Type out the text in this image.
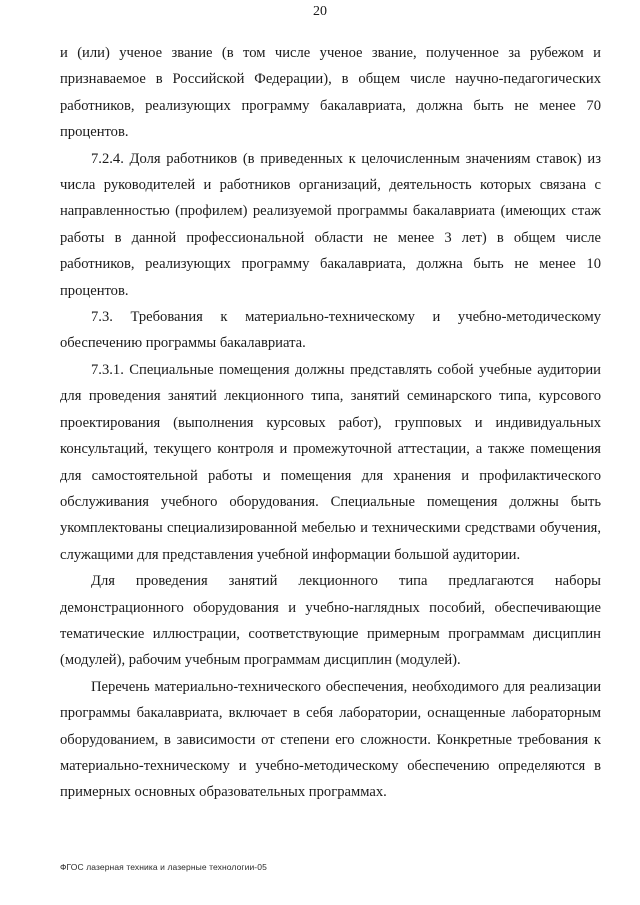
20

и (или) ученое звание (в том числе ученое звание, полученное за рубежом и признаваемое в Российской Федерации), в общем числе научно-педагогических работников, реализующих программу бакалавриата, должна быть не менее 70 процентов.

7.2.4. Доля работников (в приведенных к целочисленным значениям ставок) из числа руководителей и работников организаций, деятельность которых связана с направленностью (профилем) реализуемой программы бакалавриата (имеющих стаж работы в данной профессиональной области не менее 3 лет) в общем числе работников, реализующих программу бакалавриата, должна быть не менее 10 процентов.

7.3. Требования к материально-техническому и учебно-методическому обеспечению программы бакалавриата.

7.3.1. Специальные помещения должны представлять собой учебные аудитории для проведения занятий лекционного типа, занятий семинарского типа, курсового проектирования (выполнения курсовых работ), групповых и индивидуальных консультаций, текущего контроля и промежуточной аттестации, а также помещения для самостоятельной работы и помещения для хранения и профилактического обслуживания учебного оборудования. Специальные помещения должны быть укомплектованы специализированной мебелью и техническими средствами обучения, служащими для представления учебной информации большой аудитории.

Для проведения занятий лекционного типа предлагаются наборы демонстрационного оборудования и учебно-наглядных пособий, обеспечивающие тематические иллюстрации, соответствующие примерным программам дисциплин (модулей), рабочим учебным программам дисциплин (модулей).

Перечень материально-технического обеспечения, необходимого для реализации программы бакалавриата, включает в себя лаборатории, оснащенные лабораторным оборудованием, в зависимости от степени его сложности. Конкретные требования к материально-техническому и учебно-методическому обеспечению определяются в примерных основных образовательных программах.

ФГОС лазерная техника и лазерные технологии-05
